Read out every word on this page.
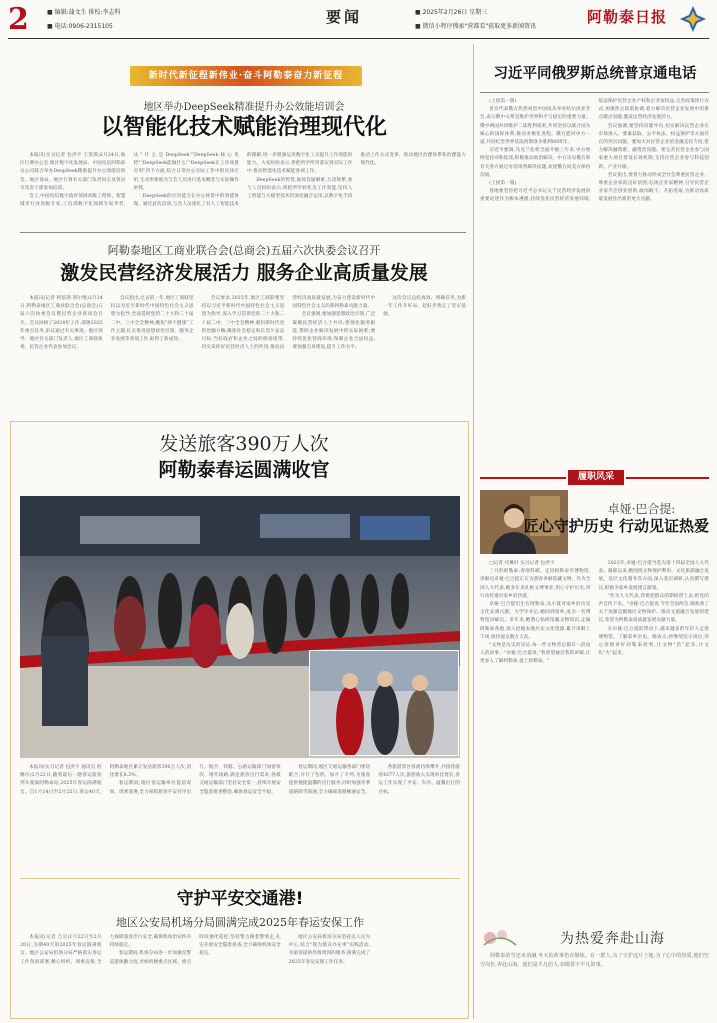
2	■ 编辑:蒲文生 排校:李志科
■ 电话:0906-2315105
要闻	■ 2025年2月26日 星期三
■ 微信小程序搜索"营都看"获取更多新闻资讯
阿勒泰日报
新时代新征程新伟业·奋斗阿勒泰奋力新征程
地区举办DeepSeek精准提升办公效能培训会
以智能化技术赋能治理现代化

本报讯(实习记者 包洪宇 王雯琪)2月24日,地区行署办公室,地区数字化发展局、中国电信阿勒泰分公司联合举办DeepSeek精准提升办公效能培训会。地区各局、地区行署有关部门负责同志及各县市负责干部参加培训。

会上,中国电信数字政府领域高级工程师、智慧城市行业高级专家,工信部数字化领域专家李晋,从"什么是DeepSeek""DeepSeek核心优势""DeepSeek能做什么""DeepSeek在工作场景应用"四个方面,结合日常办公实际工作中的具体应用,生动形象地为与会人员进行基本概念与实际操作讲授。

DeepSeek的应用能力在办公场景中的效能体现。通过此次培训,与会人员深化了对人工智能技术的理解,进一步增强运用数字化工具提升工作效能的能力。大家纷纷表示,将把所学所用落实到实际工作中,推动智能化技术赋能各项工作。

DeepSeek的优势,现场答疑解难,互动频繁,参与人员纷纷表示,将把所学转化为工作效能,坚持人工智能与大模型技术的深度融合运用,以数字化手段推动工作方式变革、推动地区治理体系和治理能力现代化。

阿勒泰地区工商业联合会(总商会)五届六次执委会议召开
激发民营经济发展活力 服务企业高质量发展

本报讯(记者 阿依努·努尔维)2月24日,阿勒泰地区工商业联合会(总商会)五届六次执委会议暨民营企业座谈会召开。会议回顾了2024年工作,部署2025年重点任务,审议通过有关事项。地区领导、地区有关部门负责人,地区工商联执委、民营企业代表参加会议。

会议指出,过去的一年,地区工商联坚持以习近平新时代中国特色社会主义思想为指导,全面贯彻党的二十大和二十届二中、三中全会精神,聚焦"两个健康"工作主题,扎实推进思想政治引领、服务企业发展等各项工作,取得了新成效。

会议要求,2025年,地区工商联要坚持以习近平新时代中国特色社会主义思想为指导,深入学习贯彻党的二十大和二十届二中、三中全会精神,紧扣新时代党的治疆方略,聚焦社会稳定和长治久安总目标,当好政府和企业之间的桥梁纽带,切实发挥好民营经济人士的作用,推动民营经济高质量发展,为奋力建设新时代中国特色社会主义的新阿勒泰贡献力量。

会议强调,要加强思想政治引领,广泛凝聚民营经济人士共识;要强化服务职能,帮助企业解决发展中的实际困难;要持续优化营商环境,保障企业合法权益;要加强自身建设,提升工作水平。

这次会议总结成效、明确任务,为新一年工作开好局、起好步奠定了坚实基础。

发送旅客390万人次
阿勒泰春运圆满收官

本报讯(实习记者 包洪宇 通讯员 阿娜尔)2月22日,随着最后一趟春运旅客列车驶离阿勒泰站,2025年春运圆满收官。自1月14日至2月22日,春运40天,阿勒泰地区累计发送旅客390万人次,同比增长8.2%。

春运期间,地区各运输单位提前谋划、周密部署,全力保障旅客平安有序出行。航空、铁路、公路运输部门加密班次、增开线路,满足旅客出行需求,各级交通运输部门坚持安全第一,持续开展安全隐患排查整治,确保春运安全平稳。

春运期间,地区交通运输各部门密切配合,开行了包机、加开了专列,为旅客提供便捷温馨的出行服务,同时加强冬季道路除雪保通,全力确保道路畅通安全。

各旅游景区客流持续攀升,共接待游客4377人次,旅游收入实现同比增长,春运工作实现了平安、有序、温馨出行的目标。

守护平安交通港!
地区公安局机场分局圆满完成2025年春运安保工作

本报讯(记者 吉宗)1月22日至2月20日,为期40天的2025年春运圆满收官。地区公安局机场分局严格落实春运工作各项部署,精心组织、周密安排,全力保障旅客出行安全,确保机场治安秩序持续稳定。

春运期间,机场分局进一步加强民警巡逻执勤力度,对候机楼重点区域、重点时段强化巡控,坚持警力跟着警情走,扎实开展安全隐患排查,全力确保机场安全稳定。

地区公安局机场分局坚持以人民为中心,结合"我为群众办实事"实践活动,为旅客提供热情周到的服务,圆满完成了2025年春运安保工作任务。

习近平同俄罗斯总统普京通电话

(上接第一版)

普京代表俄方热烈祝贺中国成功举办哈尔滨亚冬会,表示俄中关系是维护世界和平与稳定的重要力量。俄中两国共同维护二战胜利成果,共同坚持以联合国为核心的国际体系,推动多极化进程。俄方愿同中方一道,共同纪念世界反法西斯战争胜利80周年。

习近平强调,乌克兰危机全面升级三年来,中方始终坚持劝和促谈,积极推动政治解决。中方乐见俄方和有关各方通过对话谈判解决问题,欢迎俄方同美方保持沟通。

(上接第一版)

各地要坚持把习近平总书记关于民营经济发展的重要论述作为根本遵循,持续优化民营经济发展环境,依法保护民营企业产权和企业家权益,完善政策执行方式,加强涉企政策协调,着力解决民营企业发展中的难点堵点问题,激发民营经济发展活力。

会议强调,要坚持问题导向,切实解决民营企业在市场准入、要素获取、公平执法、权益保护等方面存在的突出问题。要加大对民营企业的金融支持力度,着力解决融资难、融资贵问题。要完善民营企业参与国家重大项目建设长效机制,支持民营企业参与科技创新、产业升级。

会议指出,要着力推动形成全社会尊重民营企业、尊重企业家的良好氛围,弘扬企业家精神,引导民营企业家专注创业创新,敢闯敢干、开拓进取,为推动高质量发展作出新的更大贡献。

履职风采
卓娅·巴合提:
匠心守护历史 行动见证热爱

□记者 代琳轩 实习记者 包洪宇

三月的阿勒泰,春寒料峭。走进阿勒泰市博物馆,讲解员卓娅·巴合提正在为游客讲解馆藏文物。作为全国人大代表,她多年来扎根文博事业,用心守护历史,用行动传递对家乡的热爱。

卓娅·巴合提出生在阿勒泰,从小就对家乡的历史文化充满兴趣。大学毕业后,她回到家乡,成为一名博物馆讲解员。多年来,她潜心钻研馆藏文物知识,走遍阿勒泰各地,深入挖掘本地历史文化资源,累计讲解上千场,接待观众数万人次。

"文物是历史的见证,每一件文物背后都有一段动人的故事。"卓娅·巴合提说,"我希望通过我的讲解,让更多人了解阿勒泰,爱上阿勒泰。"

2023年,卓娅·巴合提当选为第十四届全国人大代表。履职以来,她围绕文物保护利用、文化旅游融合发展、基层文化服务等方面,深入基层调研,认真撰写建议,积极为家乡发展建言献策。

"作为人大代表,我要把群众的期盼带上去,把党的声音传下来。"卓娅·巴合提说,今年全国两会,她准备了关于加强边疆地区文物保护、推动文旅融合发展的建议,希望为阿勒泰高质量发展贡献力量。

在卓娅·巴合提的带动下,越来越多的年轻人走进博物馆、了解家乡历史。她表示,将继续坚守岗位,用心用情讲好阿勒泰故事,让文物"活"起来,让文化"火"起来。

为热爱奔赴山海

阿勒泰的雪还未消融,冬天的故事仍在继续。有一群人,为了守护这片土地,为了心中的热爱,他们坚守岗位,奔赴山海。他们是平凡的人,却做着不平凡的事。
